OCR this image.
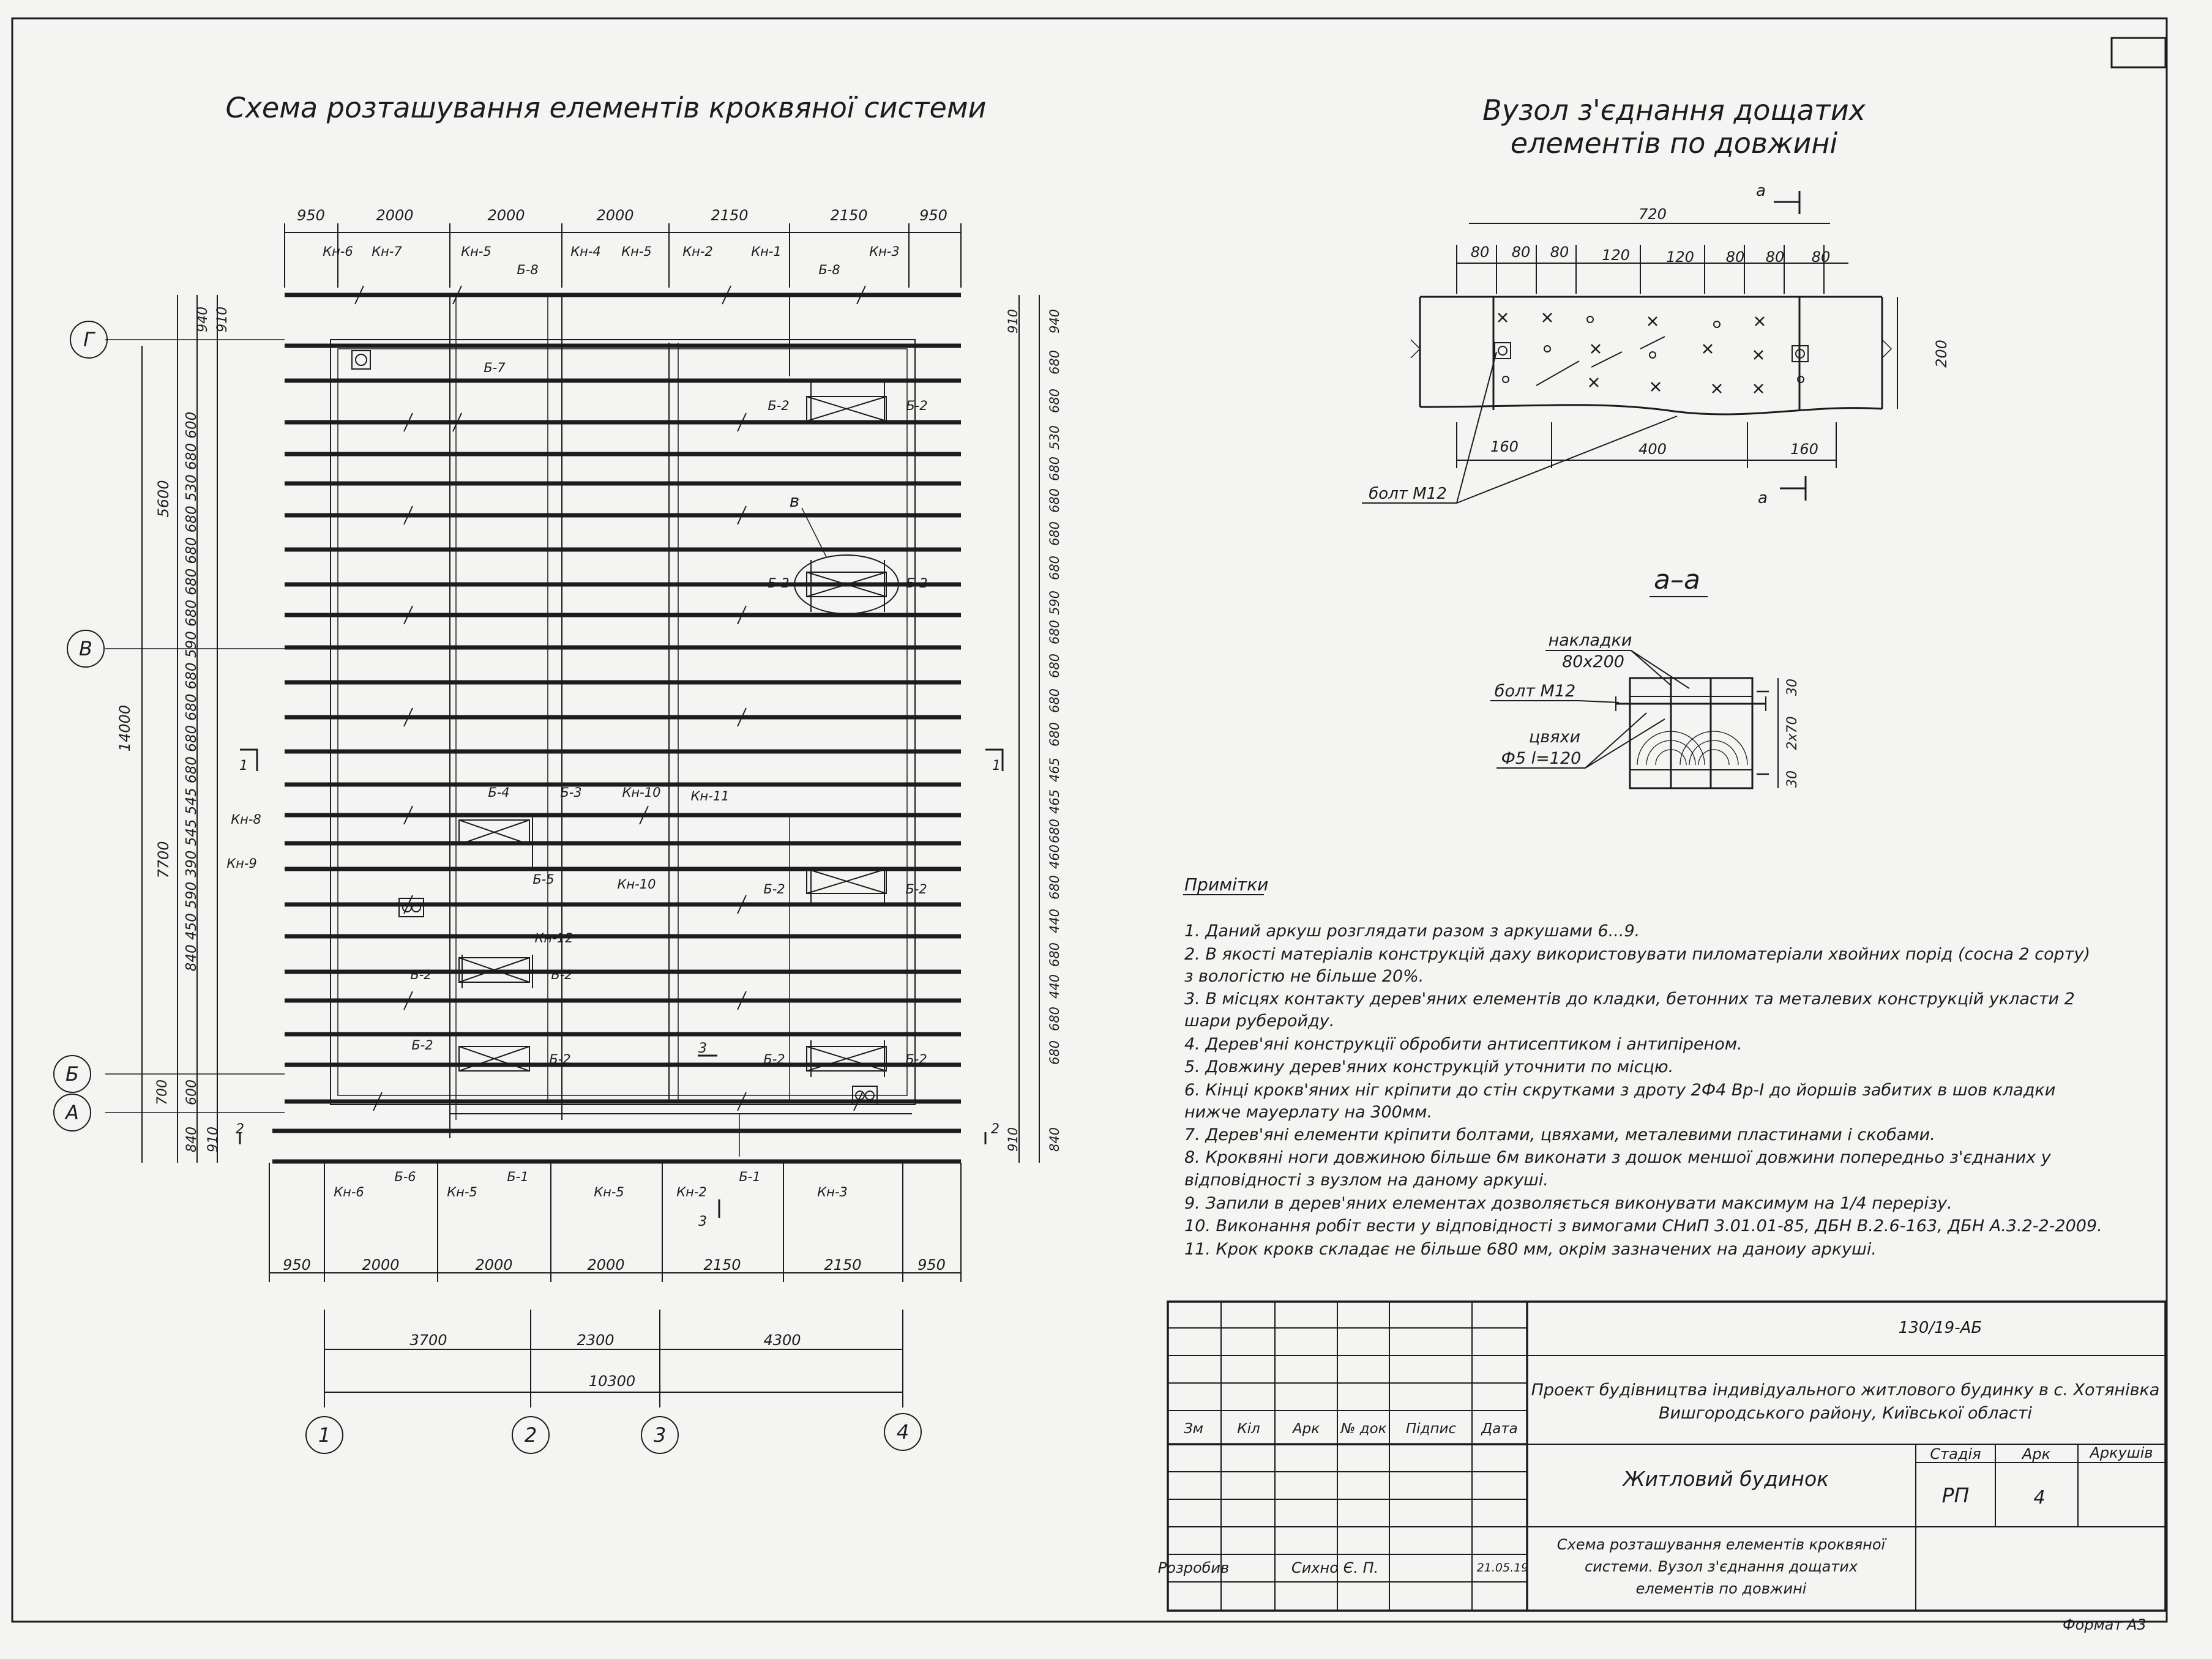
Схема розташування елементів кроквяної системи	Вузол з'єднання дощатих
елементів по довжині
950	2000	2000	2000	2150	2150	950
в
Кн-6 Кн-7	Кн-5
Б-8
Кн-4 Кн-5 Кн-2	Кн-1
Б-8
Кн-3
Б-7
Б-2	Б-2
Б-2	Б-2
Б-4	Б-3	Кн-10 Кн-11
Кн-8
Кн-9
Б-5	Кн-10	Б-2	Б-2
Кн-12
Б-2	Б-2
Б-2
Б-2	Б-2	Б-2
Кн-6
Б-6
Кн-5
Б-1
Кн-5	Кн-2
Б-1
Кн-3
1	1
2	2
3
3
14000
5600
7700
940 910
700 600
840 910
840 450 590 390 545 545 680 680 680 680 590 680 680 680 680 530 680 600
Г
В
Б
А
910 940
680
680
530
680
680
680
680
590
680
680
680
680
465
465
680
460
680
440
680
440
680
680
910 840
950	2000	2000	2000	2150	2150	950
3700	2300	4300
10300
1	2	3	4
720
80 80 80 120 120 80 80 80
200
160	400	160
болт М12
а
а
а–а
30
2х70
30
накладки
80х200
болт М12
цвяхи
Ф5 l=120
Примітки
1. Даний аркуш розглядати разом з аркушами 6...9.
2. В якості матеріалів конструкцій даху використовувати пиломатеріали хвойних порід (сосна 2 сорту)
з вологістю не більше 20%.
3. В місцях контакту дерев'яних елементів до кладки, бетонних та металевих конструкцій укласти 2
шари руберойду.
4. Дерев'яні конструкції обробити антисептиком і антипіреном.
5. Довжину дерев'яних конструкцій уточнити по місцю.
6. Кінці крокв'яних ніг кріпити до стін скрутками з дроту 2Ф4 Вр-І до йоршів забитих в шов кладки
нижче мауерлату на 300мм.
7. Дерев'яні елементи кріпити болтами, цвяхами, металевими пластинами і скобами.
8. Кроквяні ноги довжиною більше 6м виконати з дошок меншої довжини попередньо з'єднаних у
відповідності з вузлом на даному аркуші.
9. Запили в дерев'яних елементах дозволяється виконувати максимум на 1/4 перерізу.
10. Виконання робіт вести у відповідності з вимогами СНиП 3.01.01-85, ДБН В.2.6-163, ДБН А.3.2-2-2009.
11. Крок крокв складає не більше 680 мм, окрім зазначених на даноиу аркуші.
130/19-АБ
Проект будівництва індивідуального житлового будинку в с. Хотянівка
Вишгородського району, Київської області
Зм Кіл Арк № док Підпис Дата
Житловий будинок
Стадія	Арк	Аркушів
РП	4
Розробив	Сихно Є. П.	21.05.19
Схема розташування елементів кроквяної
системи. Вузол з'єднання дощатих
елементів по довжині
Формат А3
